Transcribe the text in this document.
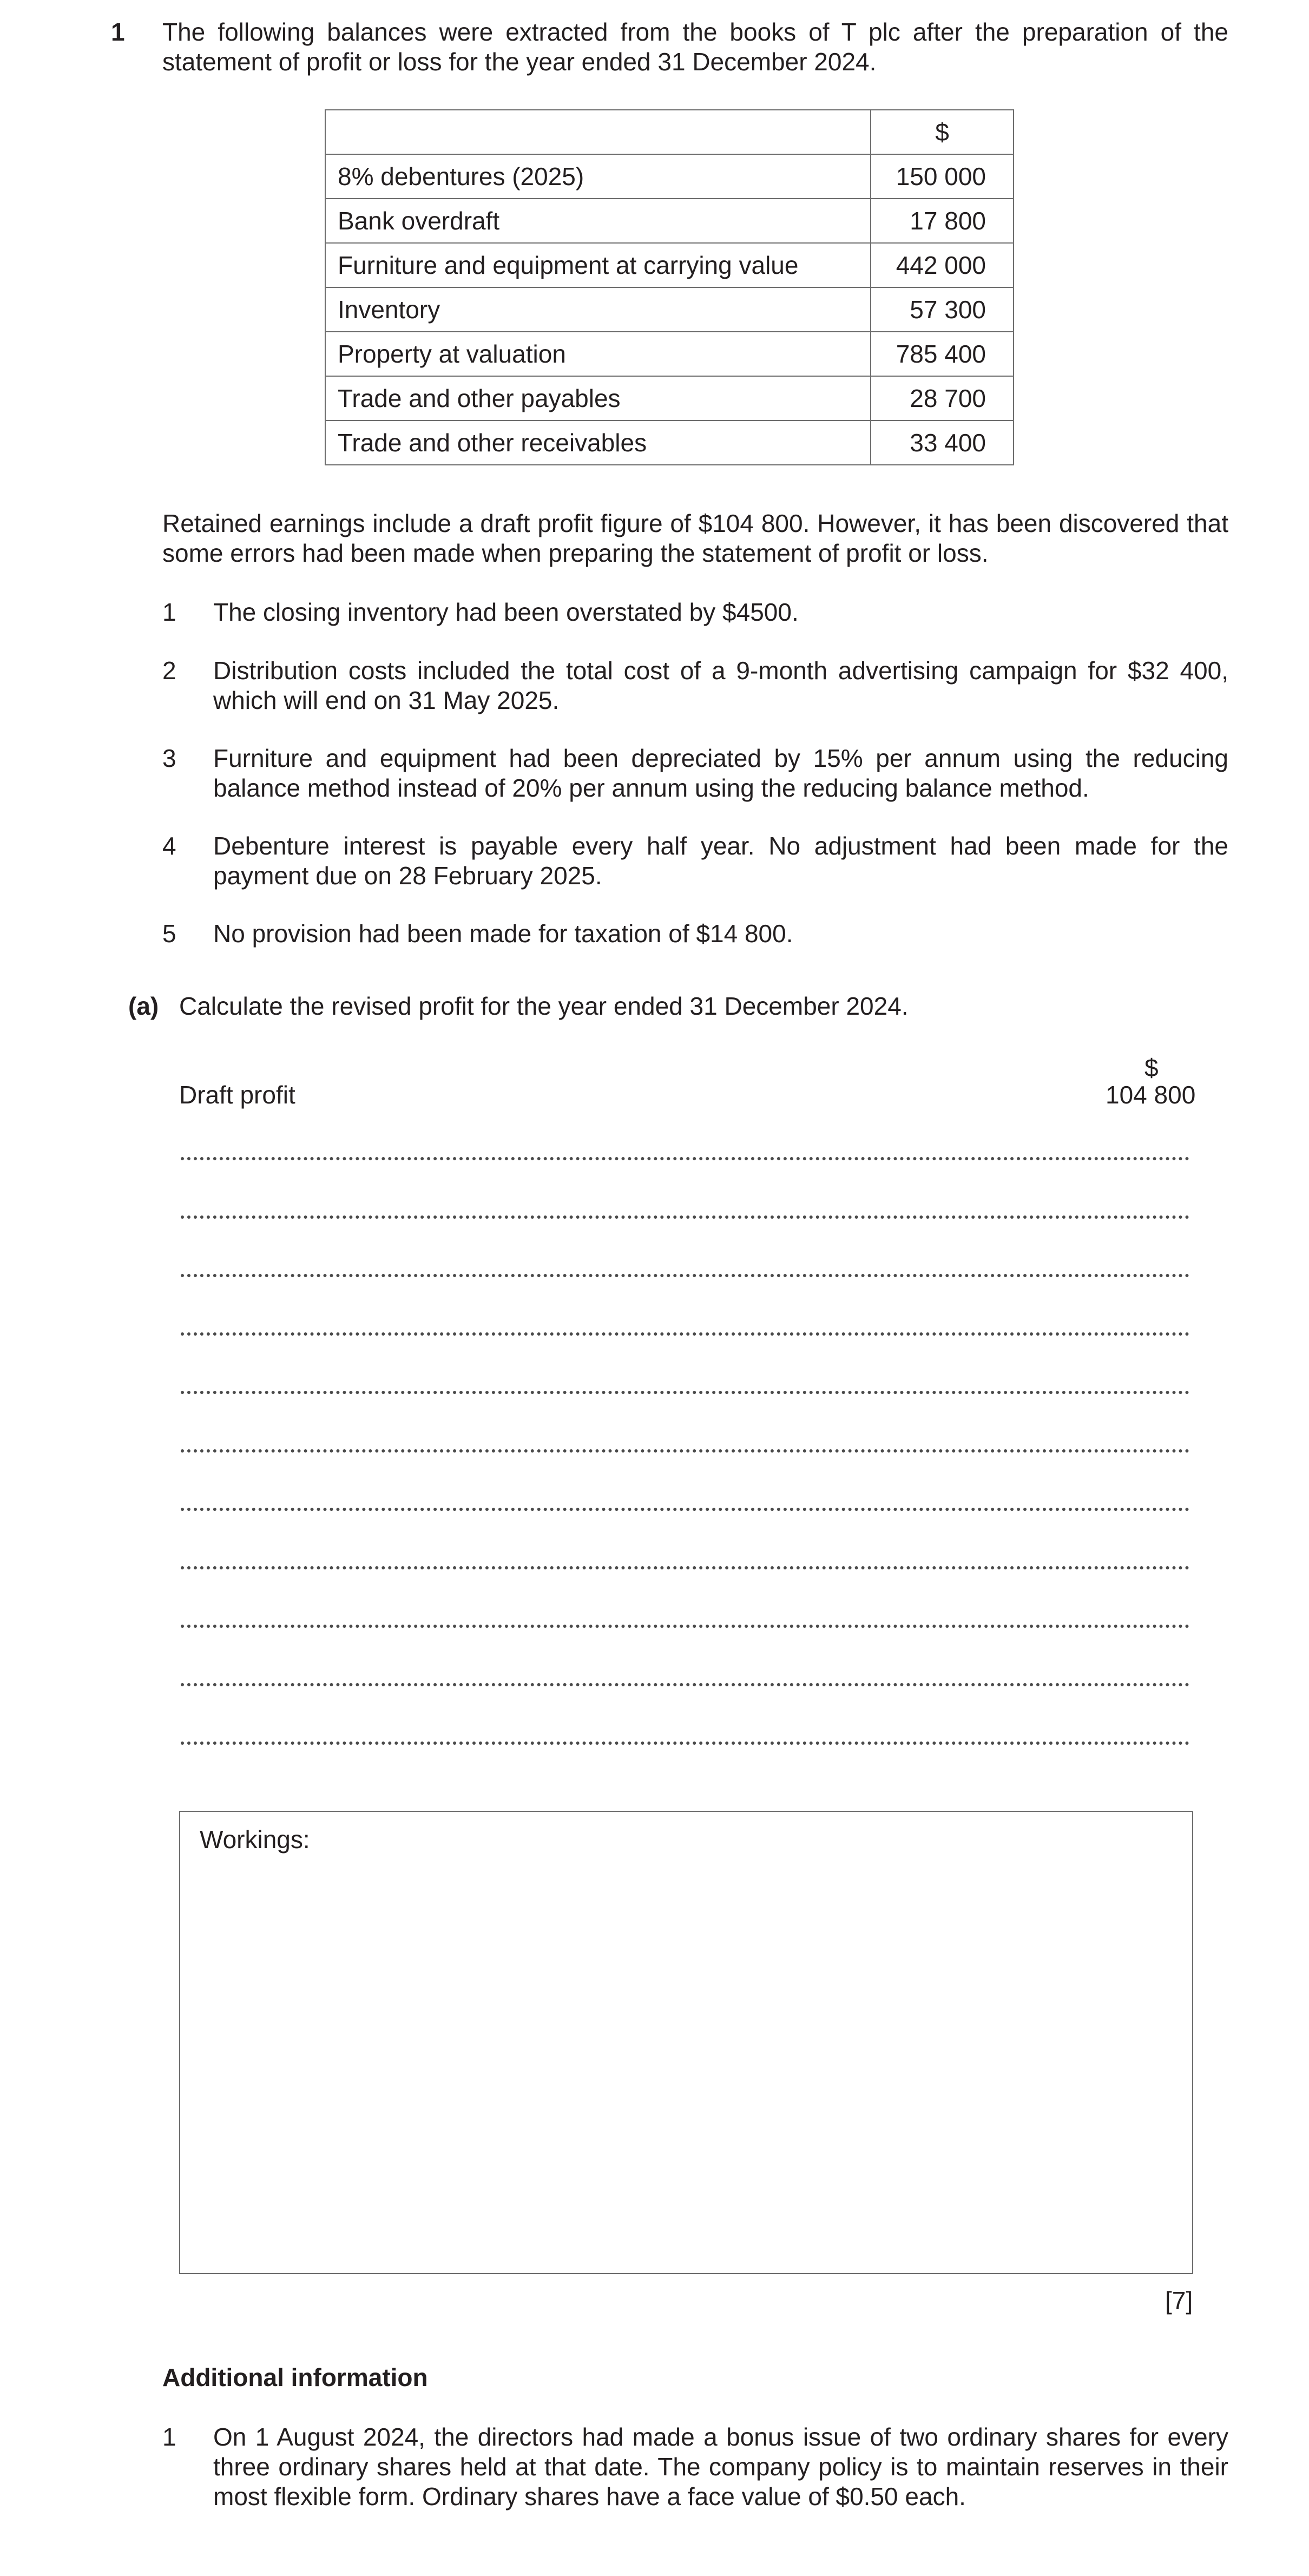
1 The following balances were extracted from the books of T plc after the preparation of the statement of profit or loss for the year ended 31 December 2024.
	$
8% debentures (2025)	150 000
Bank overdraft	17 800
Furniture and equipment at carrying value	442 000
Inventory	57 300
Property at valuation	785 400
Trade and other payables	28 700
Trade and other receivables	33 400
Retained earnings include a draft profit figure of $104 800. However, it has been discovered that some errors had been made when preparing the statement of profit or loss.
1 The closing inventory had been overstated by $4500.
2 Distribution costs included the total cost of a 9-month advertising campaign for $32 400, which will end on 31 May 2025.
3 Furniture and equipment had been depreciated by 15% per annum using the reducing balance method instead of 20% per annum using the reducing balance method.
4 Debenture interest is payable every half year. No adjustment had been made for the payment due on 28 February 2025.
5 No provision had been made for taxation of $14 800.
(a) Calculate the revised profit for the year ended 31 December 2024.
$
Draft profit	104 800
Workings:
[7]
Additional information
1 On 1 August 2024, the directors had made a bonus issue of two ordinary shares for every three ordinary shares held at that date. The company policy is to maintain reserves in their most flexible form. Ordinary shares have a face value of $0.50 each.
